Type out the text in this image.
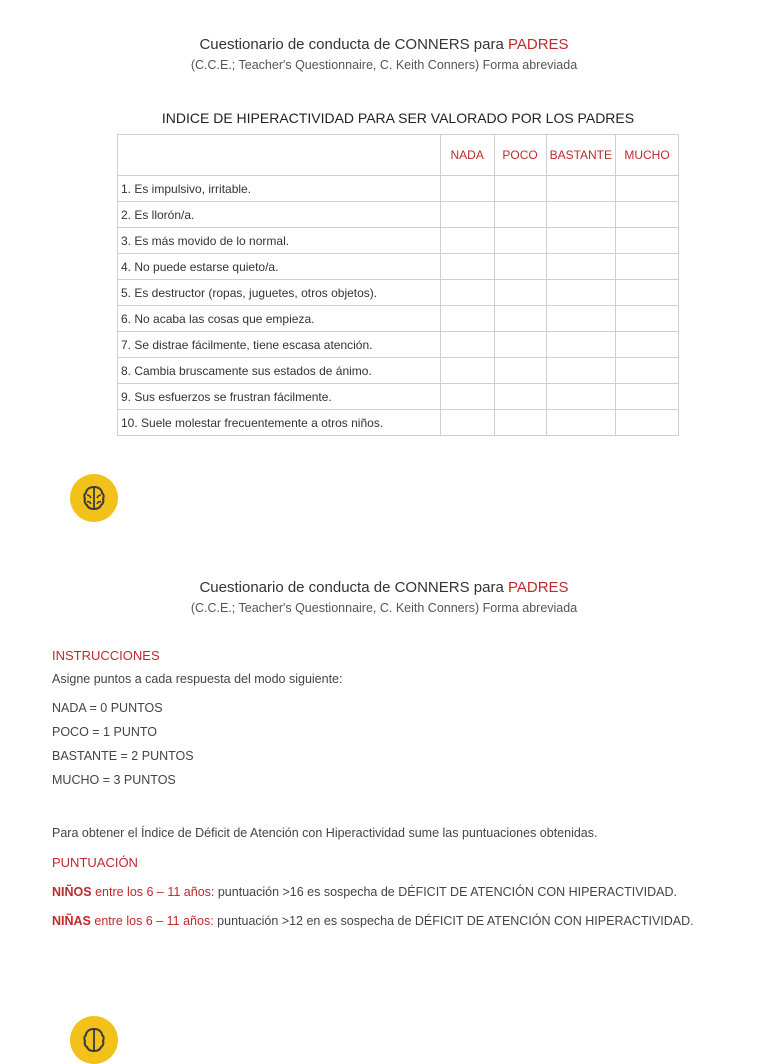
Cuestionario de conducta de CONNERS para PADRES
(C.C.E.; Teacher's Questionnaire, C. Keith Conners) Forma abreviada
INDICE DE HIPERACTIVIDAD PARA SER VALORADO POR LOS PADRES
	NADA	POCO	BASTANTE	MUCHO
1. Es impulsivo, irritable.				
2. Es llorón/a.				
3. Es más movido de lo normal.				
4. No puede estarse quieto/a.				
5. Es destructor (ropas, juguetes, otros objetos).				
6. No acaba las cosas que empieza.				
7. Se distrae fácilmente, tiene escasa atención.				
8. Cambia bruscamente sus estados de ánimo.				
9. Sus esfuerzos se frustran fácilmente.				
10. Suele molestar frecuentemente a otros niños.				
Cuestionario de conducta de CONNERS para PADRES
(C.C.E.; Teacher's Questionnaire, C. Keith Conners) Forma abreviada
INSTRUCCIONES
Asigne puntos a cada respuesta del modo siguiente:
NADA = 0 PUNTOS
POCO = 1 PUNTO
BASTANTE = 2 PUNTOS
MUCHO = 3 PUNTOS
Para obtener el Índice de Déficit de Atención con Hiperactividad sume las puntuaciones obtenidas.
PUNTUACIÓN
NIÑOS entre los 6 – 11 años: puntuación >16 es sospecha de DÉFICIT DE ATENCIÓN CON HIPERACTIVIDAD.
NIÑAS entre los 6 – 11 años: puntuación >12 en es sospecha de DÉFICIT DE ATENCIÓN CON HIPERACTIVIDAD.
